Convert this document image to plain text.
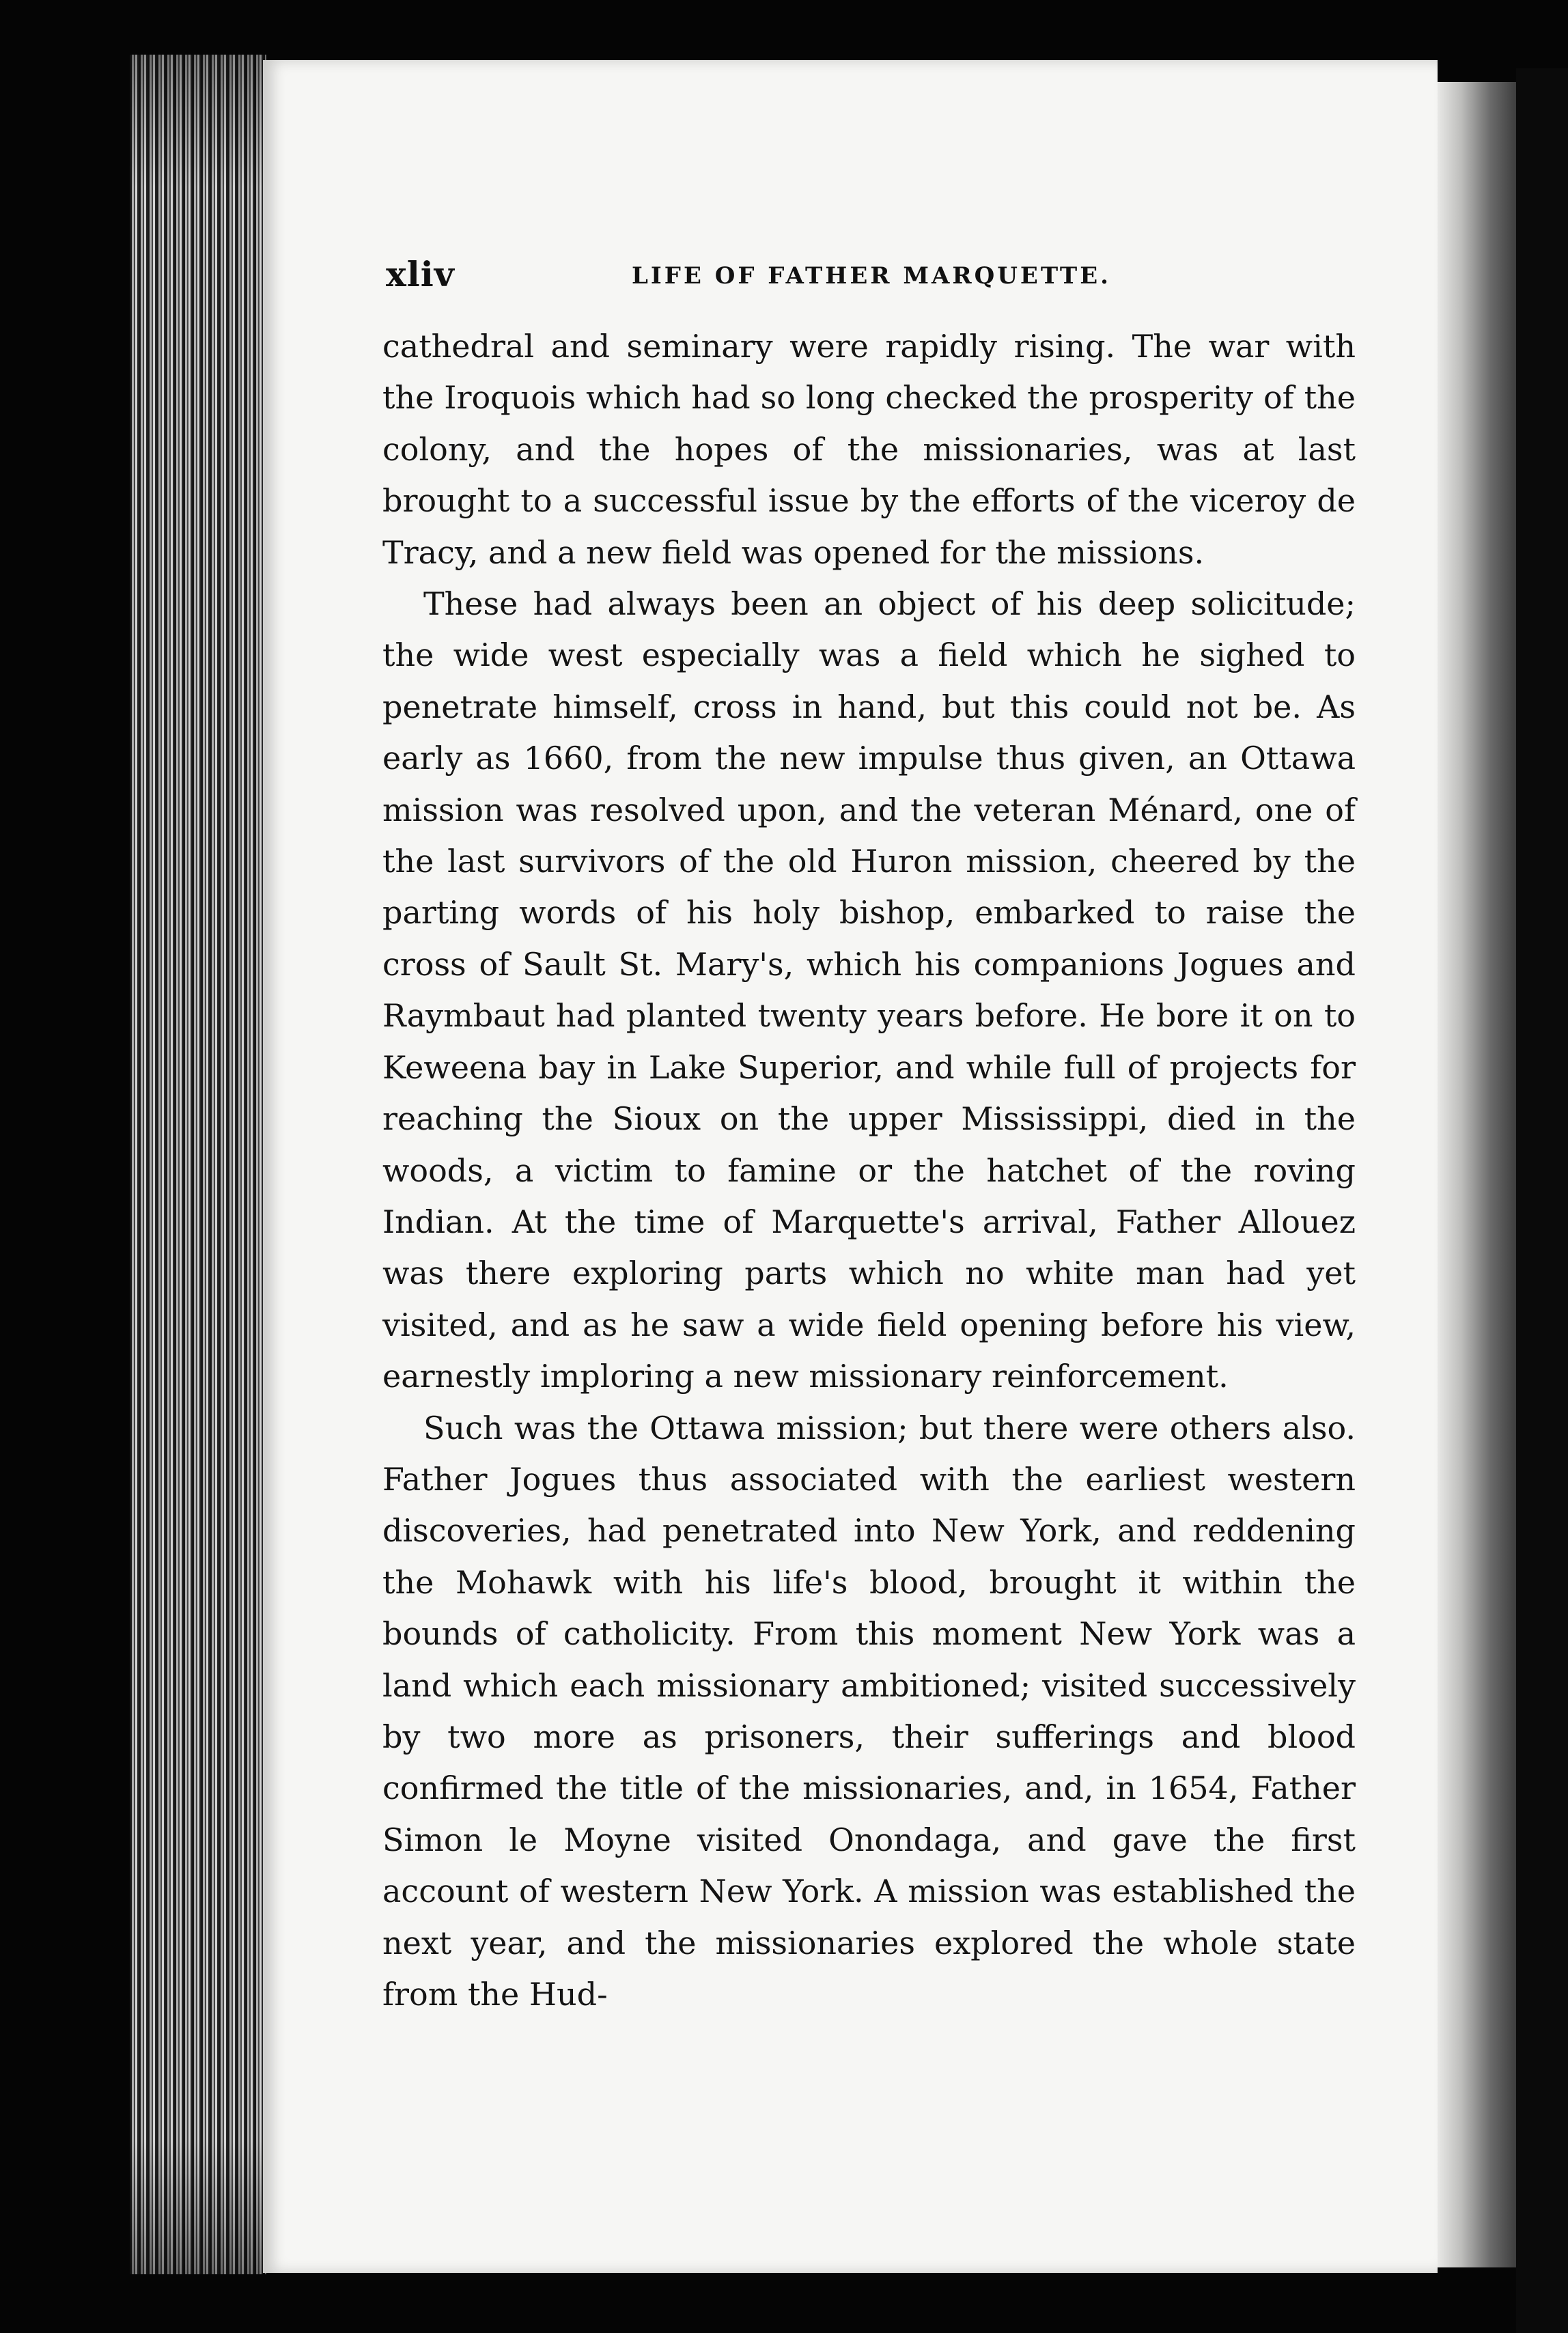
xliv	LIFE OF FATHER MARQUETTE.

cathedral and seminary were rapidly rising. The war with the Iroquois which had so long checked the prosperity of the colony, and the hopes of the missionaries, was at last brought to a successful issue by the efforts of the viceroy de Tracy, and a new field was opened for the missions.

These had always been an object of his deep solicitude; the wide west especially was a field which he sighed to penetrate himself, cross in hand, but this could not be. As early as 1660, from the new impulse thus given, an Ottawa mission was resolved upon, and the veteran Ménard, one of the last survivors of the old Huron mission, cheered by the parting words of his holy bishop, embarked to raise the cross of Sault St. Mary's, which his companions Jogues and Raymbaut had planted twenty years before. He bore it on to Keweena bay in Lake Superior, and while full of projects for reaching the Sioux on the upper Mississippi, died in the woods, a victim to famine or the hatchet of the roving Indian. At the time of Marquette's arrival, Father Allouez was there exploring parts which no white man had yet visited, and as he saw a wide field opening before his view, earnestly imploring a new missionary reinforcement.

Such was the Ottawa mission; but there were others also. Father Jogues thus associated with the earliest western discoveries, had penetrated into New York, and reddening the Mohawk with his life's blood, brought it within the bounds of catholicity. From this moment New York was a land which each missionary ambitioned; visited successively by two more as prisoners, their sufferings and blood confirmed the title of the missionaries, and, in 1654, Father Simon le Moyne visited Onondaga, and gave the first account of western New York. A mission was established the next year, and the missionaries explored the whole state from the Hud-
